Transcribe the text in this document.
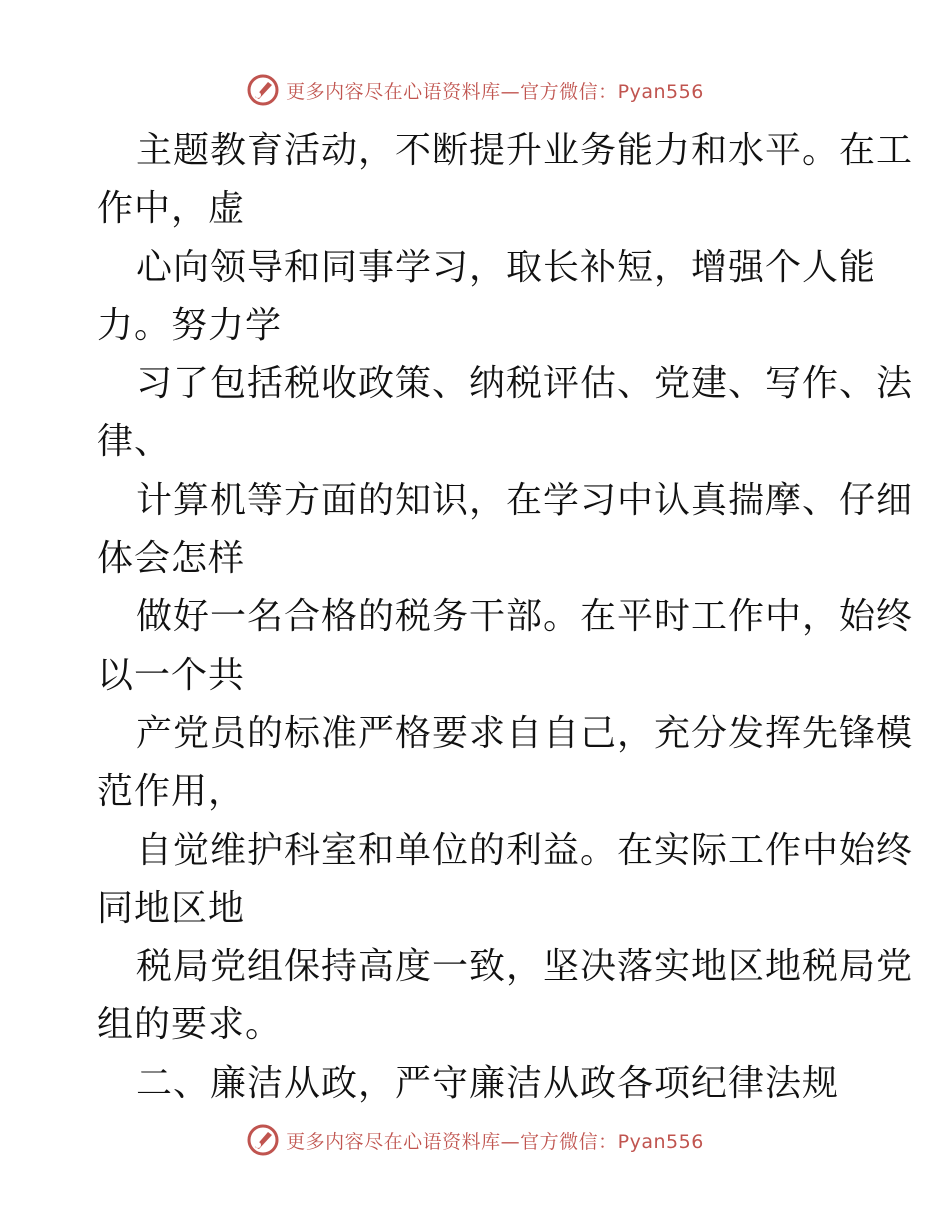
更多内容尽在心语资料库—官方微信：Pyan556
主题教育活动，不断提升业务能力和水平。在工
作中，虚
心向领导和同事学习，取长补短，增强个人能
力。努力学
习了包括税收政策、纳税评估、党建、写作、法
律、
计算机等方面的知识，在学习中认真揣摩、仔细
体会怎样
做好一名合格的税务干部。在平时工作中，始终
以一个共
产党员的标准严格要求自自己，充分发挥先锋模
范作用，
自觉维护科室和单位的利益。在实际工作中始终
同地区地
税局党组保持高度一致，坚决落实地区地税局党
组的要求。
二、廉洁从政，严守廉洁从政各项纪律法规
更多内容尽在心语资料库—官方微信：Pyan556
